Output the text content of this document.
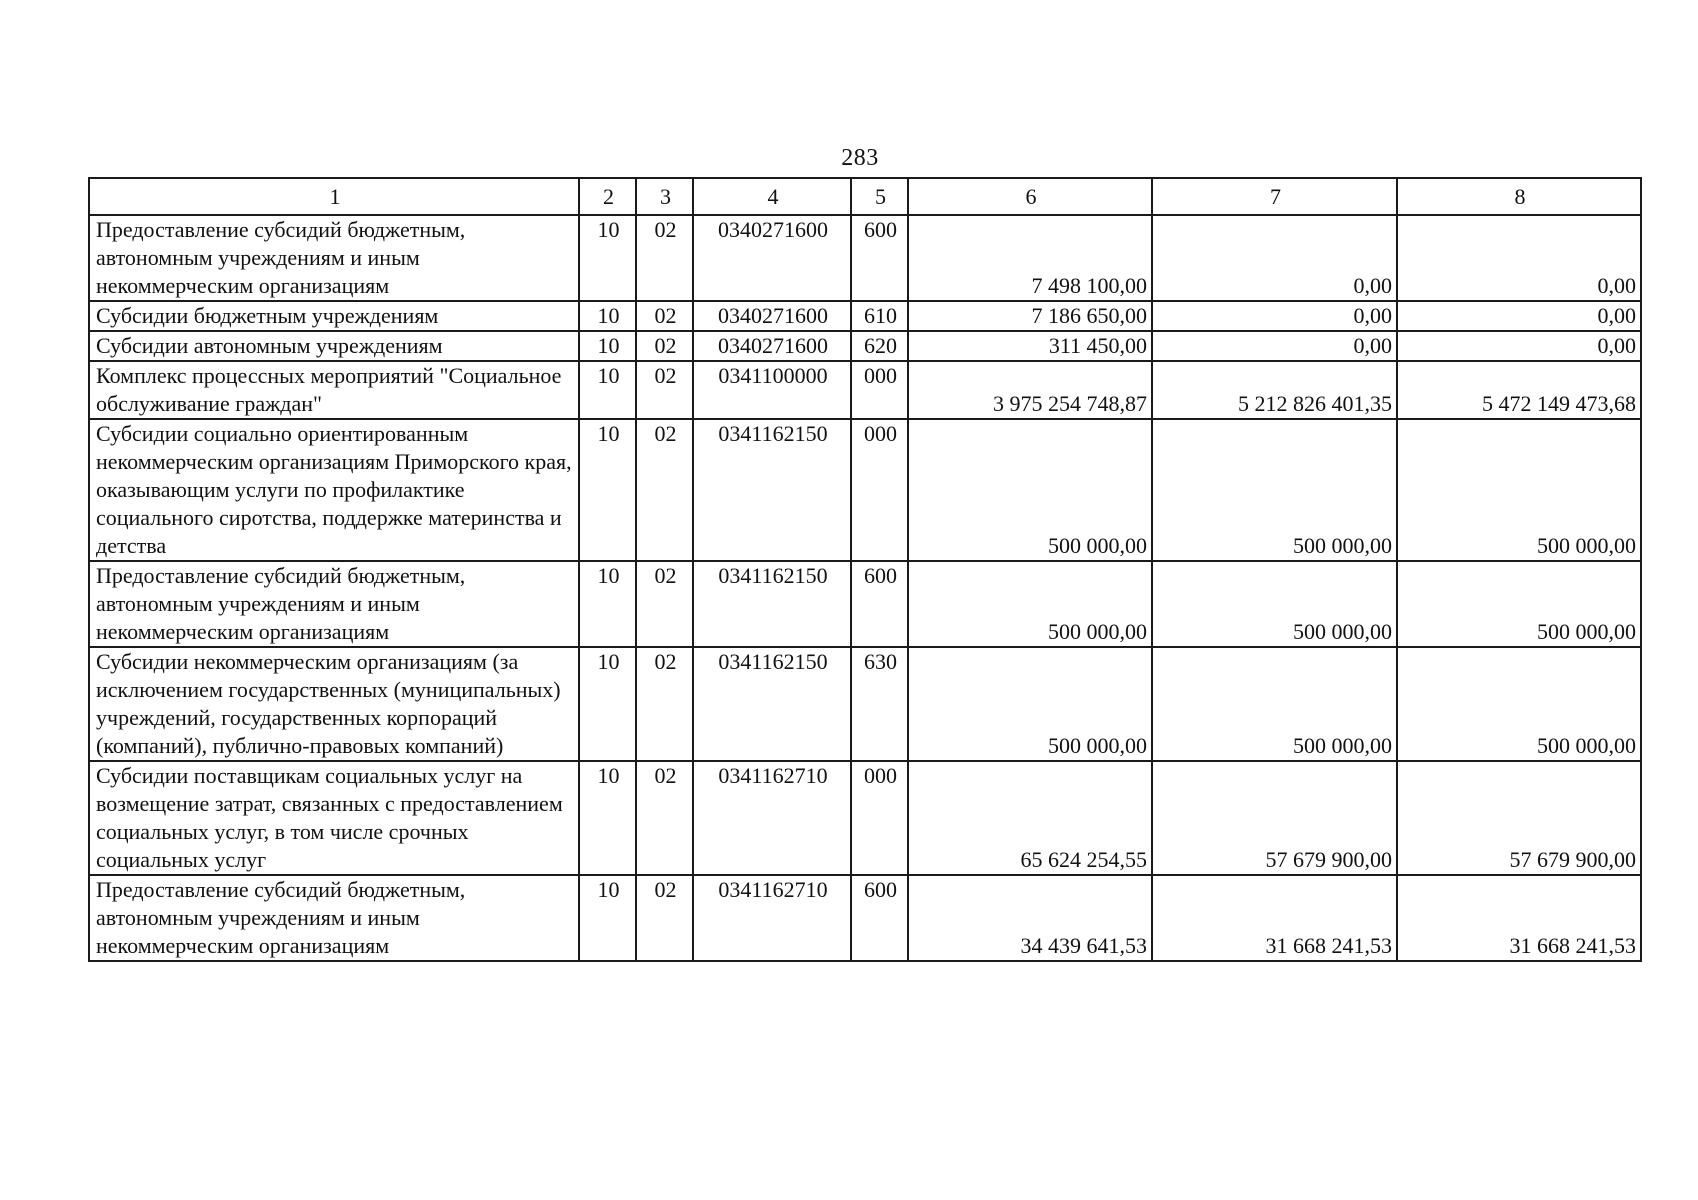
283
1	2	3	4	5	6	7	8
Предоставление субсидий бюджетным, автономным учреждениям и иным некоммерческим организациям	10	02	0340271600	600	7 498 100,00	0,00	0,00
Субсидии бюджетным учреждениям	10	02	0340271600	610	7 186 650,00	0,00	0,00
Субсидии автономным учреждениям	10	02	0340271600	620	311 450,00	0,00	0,00
Комплекс процессных мероприятий "Социальное обслуживание граждан"	10	02	0341100000	000	3 975 254 748,87	5 212 826 401,35	5 472 149 473,68
Субсидии социально ориентированным некоммерческим организациям Приморского края, оказывающим услуги по профилактике социального сиротства, поддержке материнства и детства	10	02	0341162150	000	500 000,00	500 000,00	500 000,00
Предоставление субсидий бюджетным, автономным учреждениям и иным некоммерческим организациям	10	02	0341162150	600	500 000,00	500 000,00	500 000,00
Субсидии некоммерческим организациям (за исключением государственных (муниципальных) учреждений, государственных корпораций (компаний), публично-правовых компаний)	10	02	0341162150	630	500 000,00	500 000,00	500 000,00
Субсидии поставщикам социальных услуг на возмещение затрат, связанных с предоставлением социальных услуг, в том числе срочных социальных услуг	10	02	0341162710	000	65 624 254,55	57 679 900,00	57 679 900,00
Предоставление субсидий бюджетным, автономным учреждениям и иным некоммерческим организациям	10	02	0341162710	600	34 439 641,53	31 668 241,53	31 668 241,53
